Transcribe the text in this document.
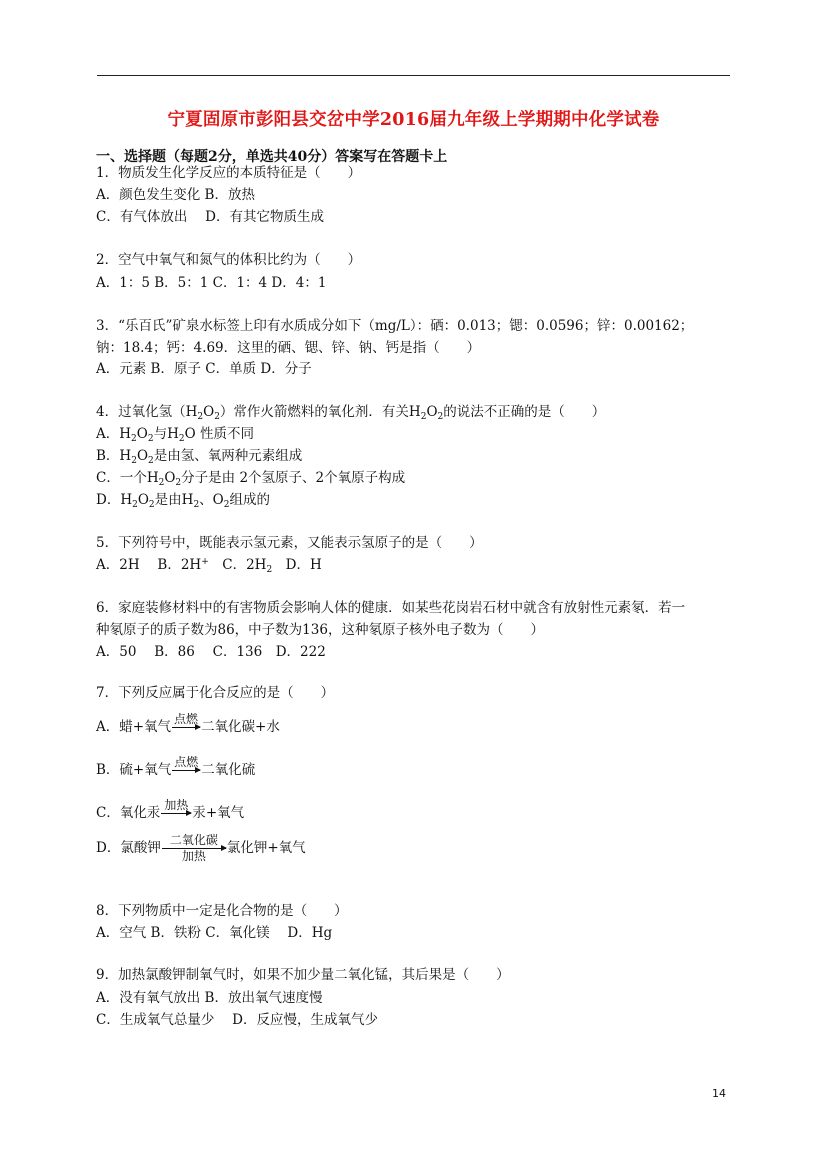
宁夏固原市彭阳县交岔中学2016届九年级上学期期中化学试卷
一、选择题（每题2分，单选共40分）答案写在答题卡上
1．物质发生化学反应的本质特征是（　　）
A．颜色发生变化 B．放热
C．有气体放出　 D．有其它物质生成
2．空气中氧气和氮气的体积比约为（　　）
A．1：5 B．5：1 C．1：4 D．4：1
3．“乐百氏”矿泉水标签上印有水质成分如下（mg/L）：硒：0.013；锶：0.0596；锌：0.00162；
钠：18.4；钙：4.69．这里的硒、锶、锌、钠、钙是指（　　）
A．元素 B．原子 C．单质 D．分子
4．过氧化氢$(H_2O_2)$常作火箭燃料的氧化剂．有关$H_2O_2$的说法不正确的是（　　）
A．$H_2O_2$与$H_2O$ 性质不同
B．$H_2O_2$是由氢、氧两种元素组成
C．一个$H_2O_2$分子是由 2个氢原子、2个氧原子构成
D．$H_2O_2$是由$H_2$、$O_2$组成的
5．下列符号中，既能表示氢元素，又能表示氢原子的是（　　）
A．2H　 B．2H+　C．$2H_2$　D．H
6．家庭装修材料中的有害物质会影响人体的健康．如某些花岗岩石材中就含有放射性元素氡．若一
种氡原子的质子数为86，中子数为136，这种氡原子核外电子数为（　　）
A．50　 B．86　 C．136　D．222
7．下列反应属于化合反应的是（　　）
A．蜡+氧气 点燃
二氧化碳+水
B．硫+氧气 点燃
二氧化硫
C．氧化汞 加热
汞+氧气
D．氯酸钾 二氧化碳
加热	氯化钾+氧气
8．下列物质中一定是化合物的是（　　）
A．空气 B．铁粉 C．氧化镁　 D．Hg
9．加热氯酸钾制氧气时，如果不加少量二氧化锰，其后果是（　　）
A．没有氧气放出 B．放出氧气速度慢
C．生成氧气总量少　 D．反应慢，生成氧气少
14
